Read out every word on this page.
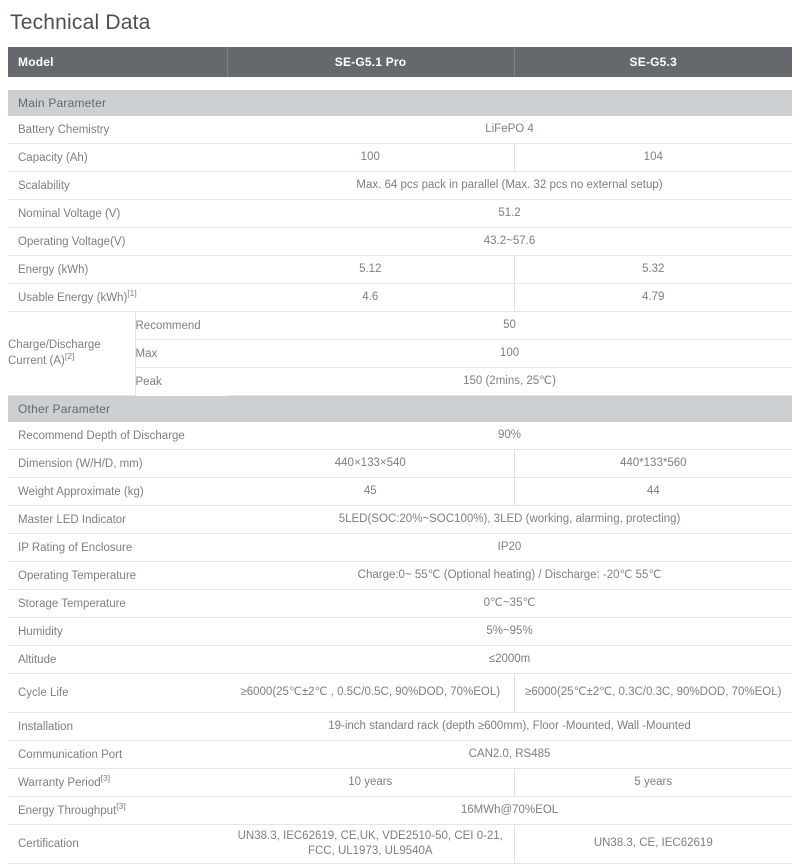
Technical Data
Model		SE‑G5.1 Pro	SE‑G5.3

Main Parameter			
Battery Chemistry		LiFePO 4	
Capacity (Ah)		100	104
Scalability		Max. 64 pcs pack in parallel (Max. 32 pcs no external setup)	
Nominal Voltage (V)		51.2	
Operating Voltage(V)		43.2~57.6	
Energy (kWh)		5.12	5.32
Usable Energy (kWh)[1]		4.6	4.79
Charge/Discharge
Current (A)[2]	Recommend	50	
	Max	100	
	Peak	150 (2mins, 25℃)	
Other Parameter			
Recommend Depth of Discharge		90%	
Dimension (W/H/D, mm)		440×133×540	440*133*560
Weight Approximate (kg)		45	44
Master LED Indicator		5LED(SOC:20%~SOC100%), 3LED (working, alarming, protecting)	
IP Rating of Enclosure		IP20	
Operating Temperature		Charge:0~ 55℃ (Optional heating) / Discharge: -20℃ 55℃	
Storage Temperature		0℃~35℃	
Humidity		5%~95%	
Altitude		≤2000m	
Cycle Life		≥6000(25℃±2℃ , 0.5C/0.5C, 90%DOD, 70%EOL)	≥6000(25℃±2℃, 0.3C/0.3C, 90%DOD, 70%EOL)
Installation		19‑inch standard rack (depth ≥600mm), Floor ‑Mounted, Wall ‑Mounted	
Communication Port		CAN2.0, RS485	
Warranty Period[3]		10 years	5 years
Energy Throughput[3]		16MWh@70%EOL	
Certification		UN38.3, IEC62619, CE,UK, VDE2510-50, CEI 0-21, FCC, UL1973, UL9540A	UN38.3, CE, IEC62619
